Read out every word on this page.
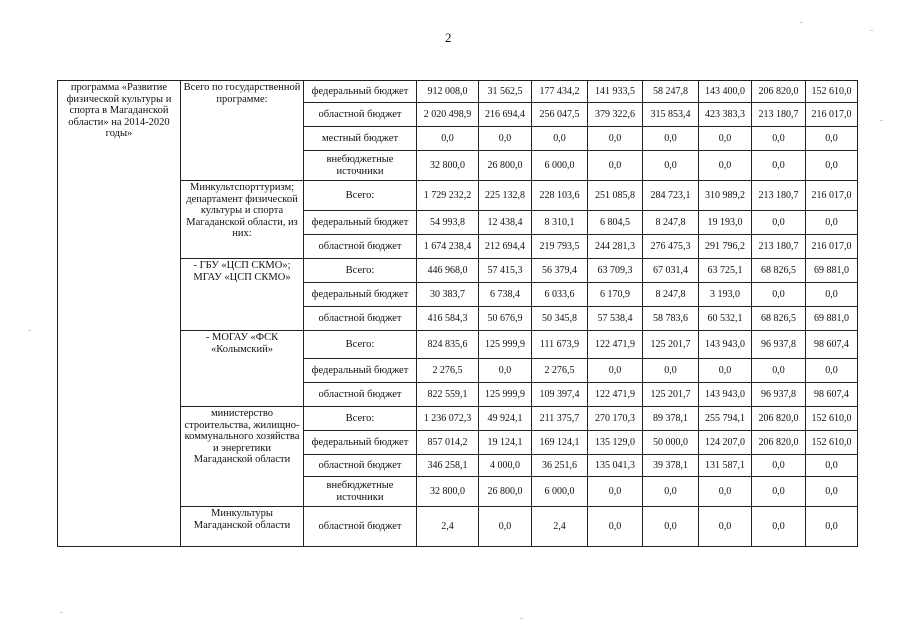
2
программа «Развитие физической культуры и спорта в Магаданской области» на 2014-2020 годы»	Всего по государственной программе:	федеральный бюджет	912 008,0	31 562,5	177 434,2	141 933,5	58 247,8	143 400,0	206 820,0	152 610,0
		областной бюджет	2 020 498,9	216 694,4	256 047,5	379 322,6	315 853,4	423 383,3	213 180,7	216 017,0
		местный бюджет	0,0	0,0	0,0	0,0	0,0	0,0	0,0	0,0
		внебюджетные источники	32 800,0	26 800,0	6 000,0	0,0	0,0	0,0	0,0	0,0
	Минкультспорттуризм; департамент физической культуры и спорта Магаданской области, из них:	Всего:	1 729 232,2	225 132,8	228 103,6	251 085,8	284 723,1	310 989,2	213 180,7	216 017,0
		федеральный бюджет	54 993,8	12 438,4	8 310,1	6 804,5	8 247,8	19 193,0	0,0	0,0
		областной бюджет	1 674 238,4	212 694,4	219 793,5	244 281,3	276 475,3	291 796,2	213 180,7	216 017,0
	- ГБУ «ЦСП СКМО»; МГАУ «ЦСП СКМО»	Всего:	446 968,0	57 415,3	56 379,4	63 709,3	67 031,4	63 725,1	68 826,5	69 881,0
		федеральный бюджет	30 383,7	6 738,4	6 033,6	6 170,9	8 247,8	3 193,0	0,0	0,0
		областной бюджет	416 584,3	50 676,9	50 345,8	57 538,4	58 783,6	60 532,1	68 826,5	69 881,0
	- МОГАУ «ФСК «Колымский»	Всего:	824 835,6	125 999,9	111 673,9	122 471,9	125 201,7	143 943,0	96 937,8	98 607,4
		федеральный бюджет	2 276,5	0,0	2 276,5	0,0	0,0	0,0	0,0	0,0
		областной бюджет	822 559,1	125 999,9	109 397,4	122 471,9	125 201,7	143 943,0	96 937,8	98 607,4
	министерство строительства, жилищно-коммунального хозяйства и энергетики Магаданской области	Всего:	1 236 072,3	49 924,1	211 375,7	270 170,3	89 378,1	255 794,1	206 820,0	152 610,0
		федеральный бюджет	857 014,2	19 124,1	169 124,1	135 129,0	50 000,0	124 207,0	206 820,0	152 610,0
		областной бюджет	346 258,1	4 000,0	36 251,6	135 041,3	39 378,1	131 587,1	0,0	0,0
		внебюджетные источники	32 800,0	26 800,0	6 000,0	0,0	0,0	0,0	0,0	0,0
	Минкультуры Магаданской области	областной бюджет	2,4	0,0	2,4	0,0	0,0	0,0	0,0	0,0
